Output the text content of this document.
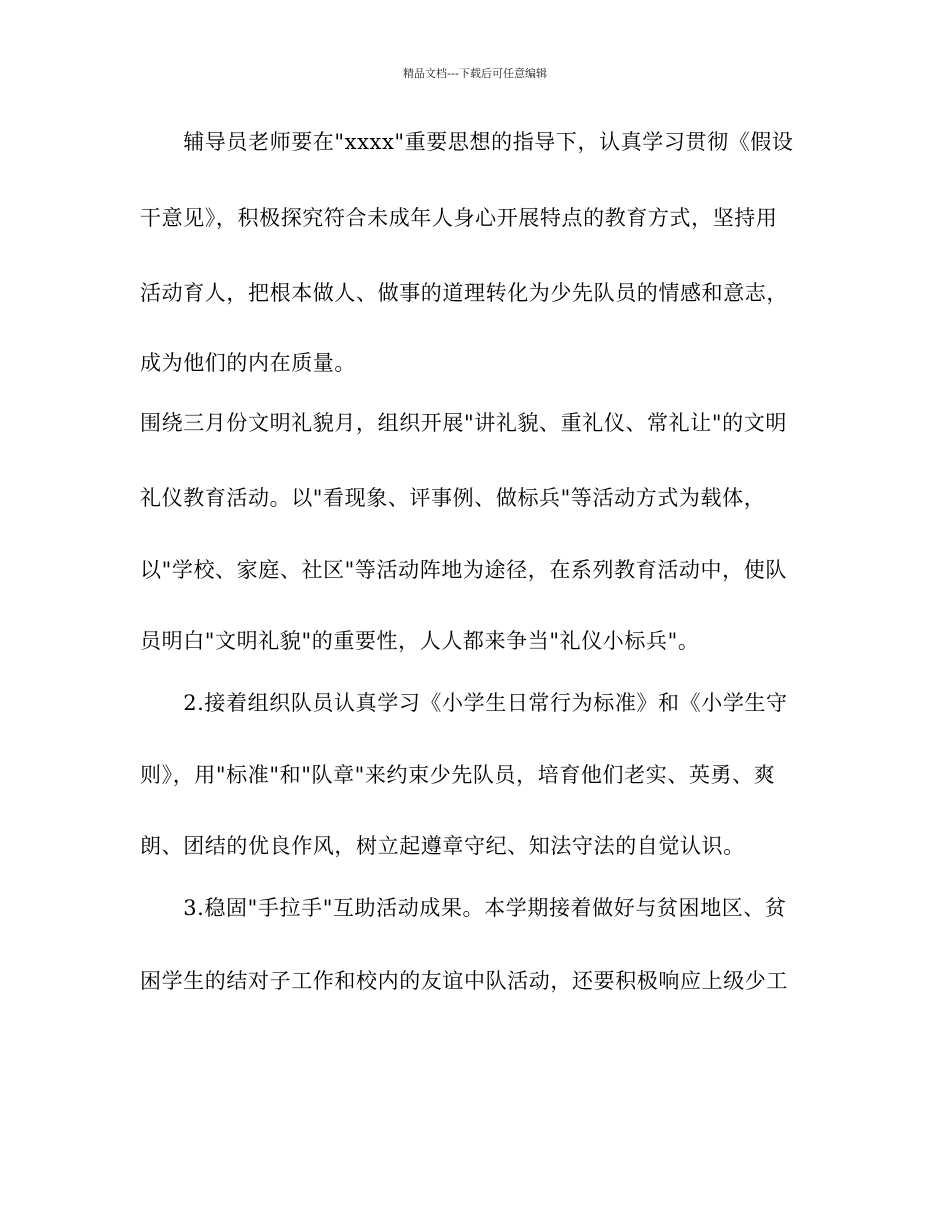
精品文档---下载后可任意编辑
　　辅导员老师要在"xxxx"重要思想的指导下，认真学习贯彻《假设
干意见》，积极探究符合未成年人身心开展特点的教育方式，坚持用
活动育人，把根本做人、做事的道理转化为少先队员的情感和意志，
成为他们的内在质量。
围绕三月份文明礼貌月，组织开展"讲礼貌、重礼仪、常礼让"的文明
礼仪教育活动。以"看现象、评事例、做标兵"等活动方式为载体，
以"学校、家庭、社区"等活动阵地为途径，在系列教育活动中，使队
员明白"文明礼貌"的重要性，人人都来争当"礼仪小标兵"。
　　2.接着组织队员认真学习《小学生日常行为标准》和《小学生守
则》，用"标准"和"队章"来约束少先队员，培育他们老实、英勇、爽
朗、团结的优良作风，树立起遵章守纪、知法守法的自觉认识。
　　3.稳固"手拉手"互助活动成果。本学期接着做好与贫困地区、贫
困学生的结对子工作和校内的友谊中队活动，还要积极响应上级少工
